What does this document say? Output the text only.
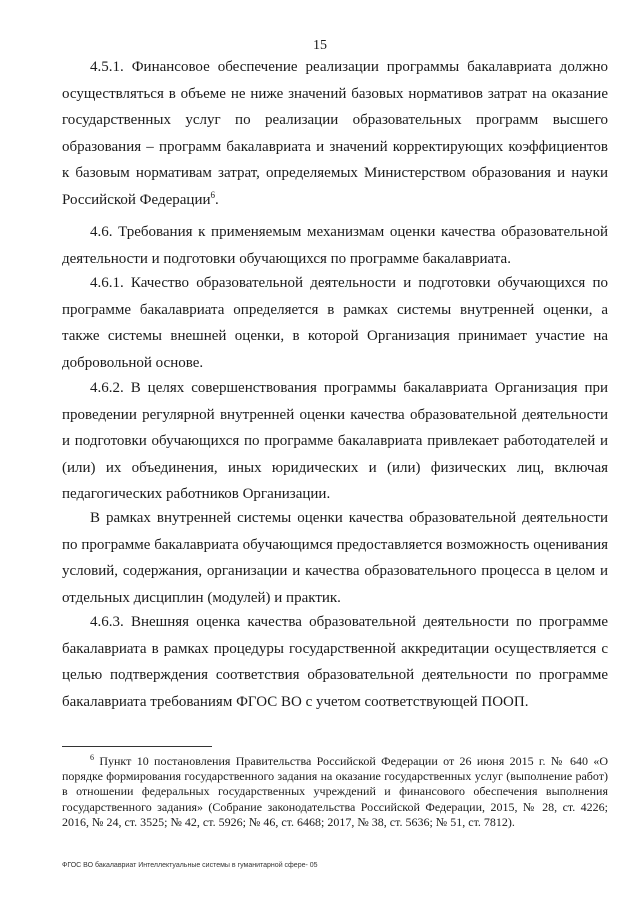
15

4.5.1. Финансовое обеспечение реализации программы бакалавриата должно осуществляться в объеме не ниже значений базовых нормативов затрат на оказание государственных услуг по реализации образовательных программ высшего образования – программ бакалавриата и значений корректирующих коэффициентов к базовым нормативам затрат, определяемых Министерством образования и науки Российской Федерации$^6$.

4.6. Требования к применяемым механизмам оценки качества образовательной деятельности и подготовки обучающихся по программе бакалавриата.

4.6.1. Качество образовательной деятельности и подготовки обучающихся по программе бакалавриата определяется в рамках системы внутренней оценки, а также системы внешней оценки, в которой Организация принимает участие на добровольной основе.

4.6.2. В целях совершенствования программы бакалавриата Организация при проведении регулярной внутренней оценки качества образовательной деятельности и подготовки обучающихся по программе бакалавриата привлекает работодателей и (или) их объединения, иных юридических и (или) физических лиц, включая педагогических работников Организации.

В рамках внутренней системы оценки качества образовательной деятельности по программе бакалавриата обучающимся предоставляется возможность оценивания условий, содержания, организации и качества образовательного процесса в целом и отдельных дисциплин (модулей) и практик.

4.6.3. Внешняя оценка качества образовательной деятельности по программе бакалавриата в рамках процедуры государственной аккредитации осуществляется с целью подтверждения соответствия образовательной деятельности по программе бакалавриата требованиям ФГОС ВО с учетом соответствующей ПООП.

$^6$ Пункт 10 постановления Правительства Российской Федерации от 26 июня 2015 г. № 640 «О порядке формирования государственного задания на оказание государственных услуг (выполнение работ) в отношении федеральных государственных учреждений и финансового обеспечения выполнения государственного задания» (Собрание законодательства Российской Федерации, 2015, № 28, ст. 4226; 2016, № 24, ст. 3525; № 42, ст. 5926; № 46, ст. 6468; 2017, № 38, ст. 5636; № 51, ст. 7812).

ФГОС ВО бакалавриат Интеллектуальные системы в гуманитарной сфере- 05
